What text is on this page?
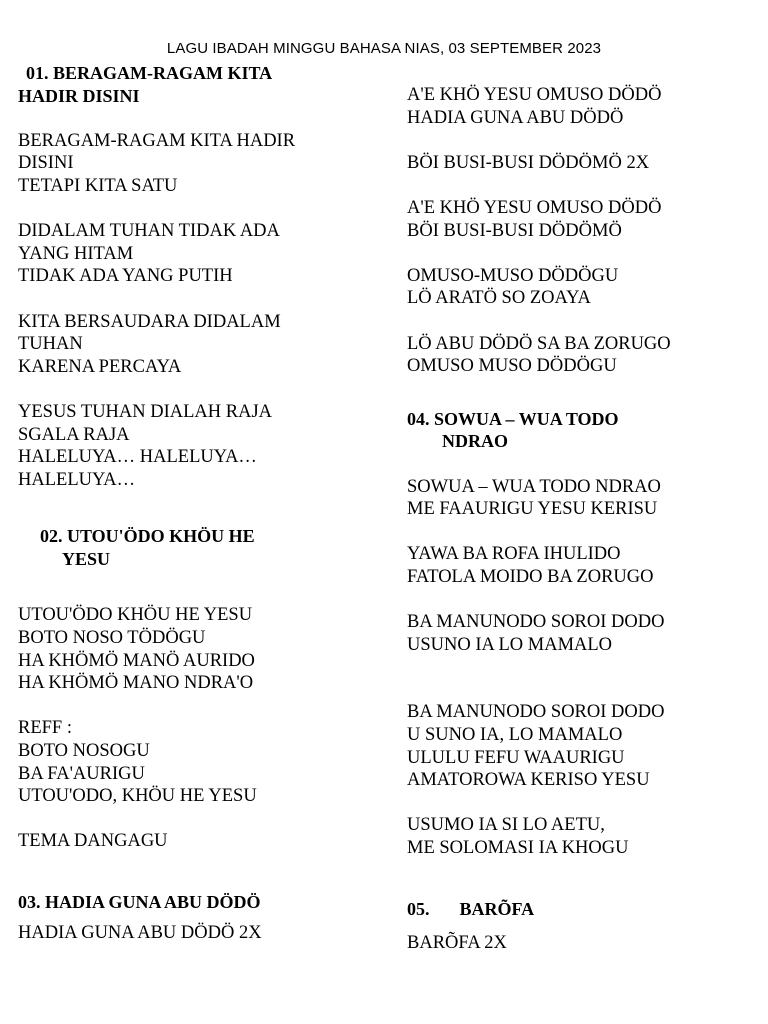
LAGU IBADAH MINGGU BAHASA NIAS, 03 SEPTEMBER 2023
01. BERAGAM-RAGAM KITA
HADIR DISINI
BERAGAM-RAGAM KITA HADIR
DISINI
TETAPI KITA SATU
DIDALAM TUHAN TIDAK ADA
YANG HITAM
TIDAK ADA YANG PUTIH
KITA BERSAUDARA DIDALAM
TUHAN
KARENA PERCAYA
YESUS TUHAN DIALAH RAJA
SGALA RAJA
HALELUYA… HALELUYA…
HALELUYA…
02. UTOU'ÖDO KHÖU HE
YESU
UTOU'ÖDO KHÖU HE YESU
BOTO NOSO TÖDÖGU
HA KHÖMÖ MANÖ AURIDO
HA KHÖMÖ MANO NDRA'O
REFF :
BOTO NOSOGU
BA FA'AURIGU
UTOU'ODO, KHÖU HE YESU
TEMA DANGAGU
03. HADIA GUNA ABU DÖDÖ
HADIA GUNA ABU DÖDÖ 2X
A'E KHÖ YESU OMUSO DÖDÖ
HADIA GUNA ABU DÖDÖ
BÖI BUSI-BUSI DÖDÖMÖ 2X
A'E KHÖ YESU OMUSO DÖDÖ
BÖI BUSI-BUSI DÖDÖMÖ
OMUSO-MUSO DÖDÖGU
LÖ ARATÖ SO ZOAYA
LÖ ABU DÖDÖ SA BA ZORUGO
OMUSO MUSO DÖDÖGU
04. SOWUA – WUA TODO
NDRAO
SOWUA – WUA TODO NDRAO
ME FAAURIGU YESU KERISU
YAWA BA ROFA IHULIDO
FATOLA MOIDO BA ZORUGO
BA MANUNODO SOROI DODO
USUNO IA LO MAMALO
BA MANUNODO SOROI DODO
U SUNO IA, LO MAMALO
ULULU FEFU WAAURIGU
AMATOROWA KERISO YESU
USUMO IA SI LO AETU,
ME SOLOMASI IA KHOGU
05. BARÕFA
BARÕFA 2X
